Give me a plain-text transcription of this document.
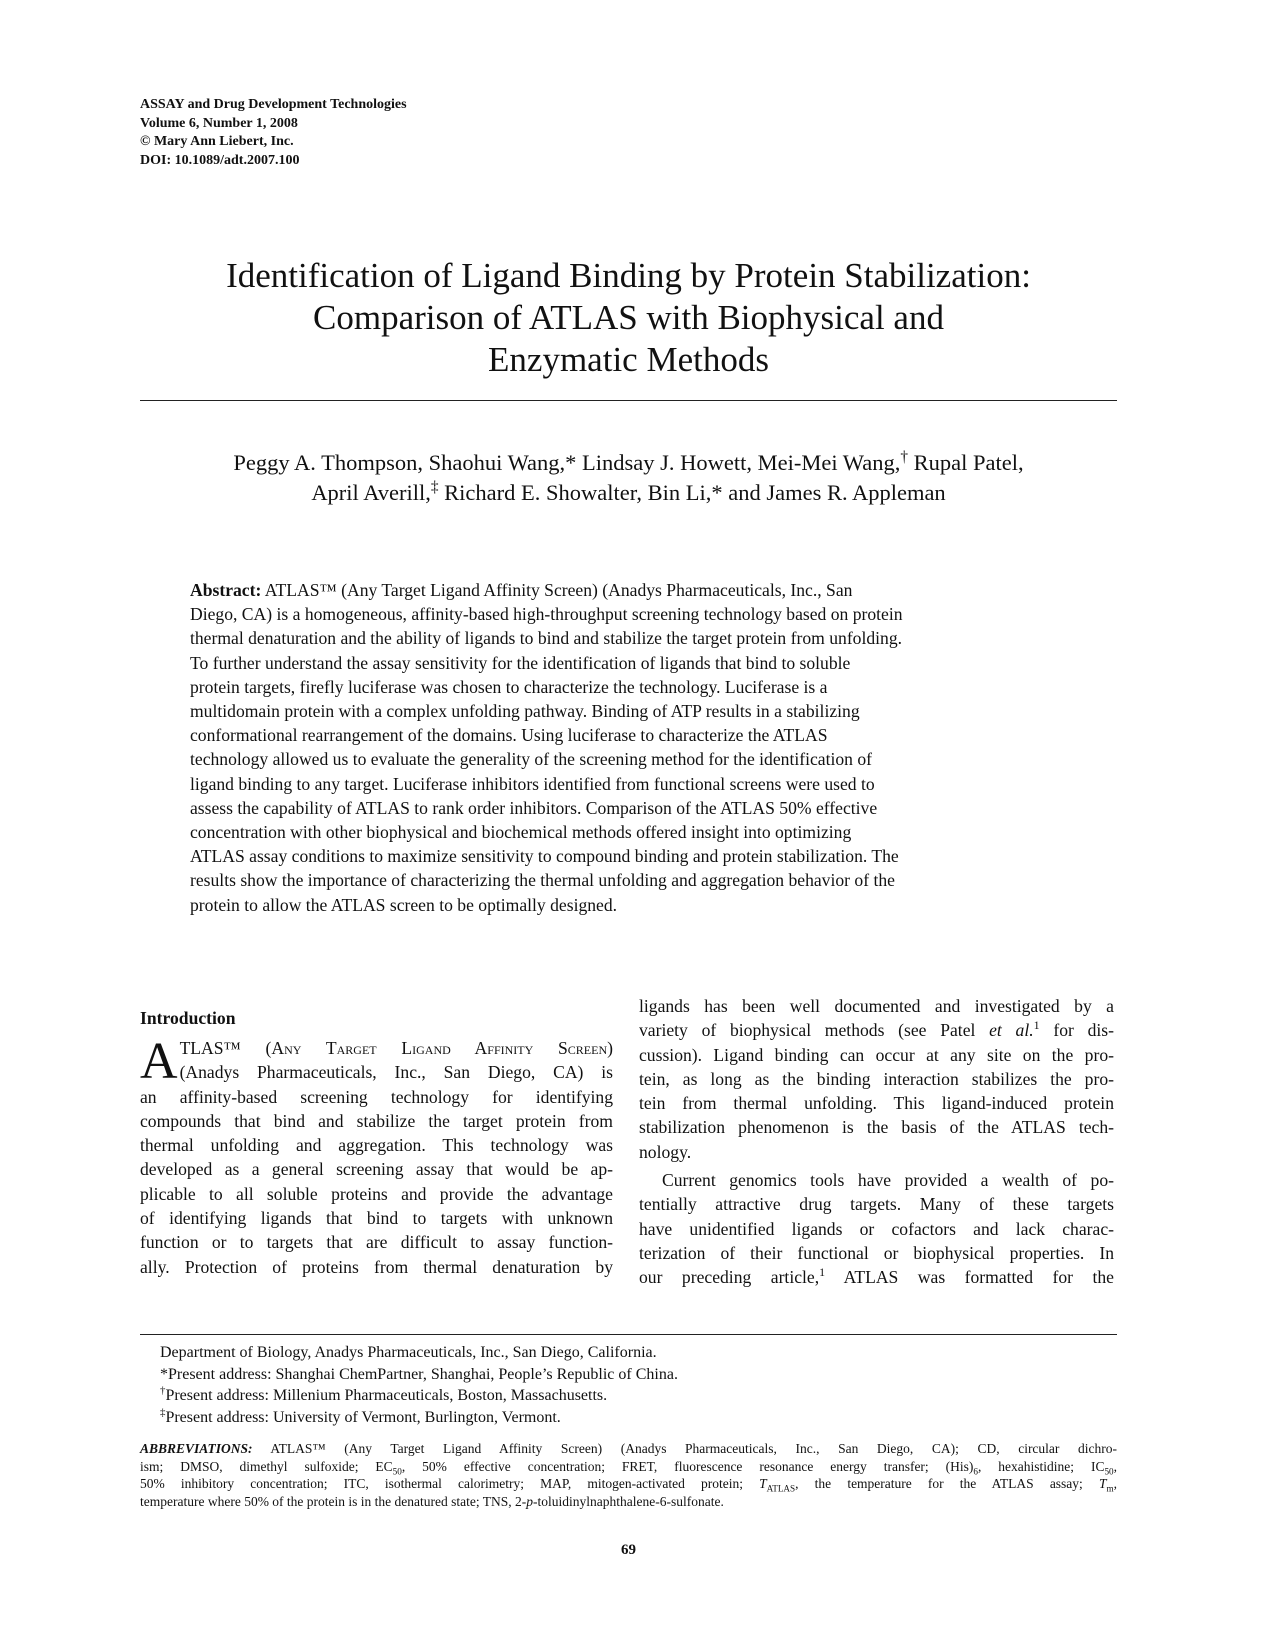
ASSAY and Drug Development Technologies
Volume 6, Number 1, 2008
© Mary Ann Liebert, Inc.
DOI: 10.1089/adt.2007.100
Identification of Ligand Binding by Protein Stabilization:
Comparison of ATLAS with Biophysical and
Enzymatic Methods
Peggy A. Thompson, Shaohui Wang,* Lindsay J. Howett, Mei-Mei Wang,† Rupal Patel,
April Averill,‡ Richard E. Showalter, Bin Li,* and James R. Appleman
Abstract: ATLAS™ (Any Target Ligand Affinity Screen) (Anadys Pharmaceuticals, Inc., San
Diego, CA) is a homogeneous, affinity-based high-throughput screening technology based on protein
thermal denaturation and the ability of ligands to bind and stabilize the target protein from unfolding.
To further understand the assay sensitivity for the identification of ligands that bind to soluble
protein targets, firefly luciferase was chosen to characterize the technology. Luciferase is a
multidomain protein with a complex unfolding pathway. Binding of ATP results in a stabilizing
conformational rearrangement of the domains. Using luciferase to characterize the ATLAS
technology allowed us to evaluate the generality of the screening method for the identification of
ligand binding to any target. Luciferase inhibitors identified from functional screens were used to
assess the capability of ATLAS to rank order inhibitors. Comparison of the ATLAS 50% effective
concentration with other biophysical and biochemical methods offered insight into optimizing
ATLAS assay conditions to maximize sensitivity to compound binding and protein stabilization. The
results show the importance of characterizing the thermal unfolding and aggregation behavior of the
protein to allow the ATLAS screen to be optimally designed.
Introduction
A TLAS™ (Any Target Ligand Affinity Screen)
(Anadys Pharmaceuticals, Inc., San Diego, CA) is
an affinity-based screening technology for identifying
compounds that bind and stabilize the target protein from
thermal unfolding and aggregation. This technology was
developed as a general screening assay that would be ap-
plicable to all soluble proteins and provide the advantage
of identifying ligands that bind to targets with unknown
function or to targets that are difficult to assay function-
ally. Protection of proteins from thermal denaturation by
ligands has been well documented and investigated by a
variety of biophysical methods (see Patel et al.$^1$ for dis-
cussion). Ligand binding can occur at any site on the pro-
tein, as long as the binding interaction stabilizes the pro-
tein from thermal unfolding. This ligand-induced protein
stabilization phenomenon is the basis of the ATLAS tech-
nology.
Current genomics tools have provided a wealth of po-
tentially attractive drug targets. Many of these targets
have unidentified ligands or cofactors and lack charac-
terization of their functional or biophysical properties. In
our preceding article,$^1$ ATLAS was formatted for the
Department of Biology, Anadys Pharmaceuticals, Inc., San Diego, California.
*Present address: Shanghai ChemPartner, Shanghai, People’s Republic of China.
†Present address: Millenium Pharmaceuticals, Boston, Massachusetts.
‡Present address: University of Vermont, Burlington, Vermont.
ABBREVIATIONS: ATLAS™ (Any Target Ligand Affinity Screen) (Anadys Pharmaceuticals, Inc., San Diego, CA); CD, circular dichro-
ism; DMSO, dimethyl sulfoxide; $EC_{50}$, 50% effective concentration; FRET, fluorescence resonance energy transfer; $(His)_6$, hexahistidine; $IC_{50}$,
50% inhibitory concentration; ITC, isothermal calorimetry; MAP, mitogen-activated protein; $T_{ATLAS}$, the temperature for the ATLAS assay; $T_m$,
temperature where 50% of the protein is in the denatured state; TNS, 2-p-toluidinylnaphthalene-6-sulfonate.
69
